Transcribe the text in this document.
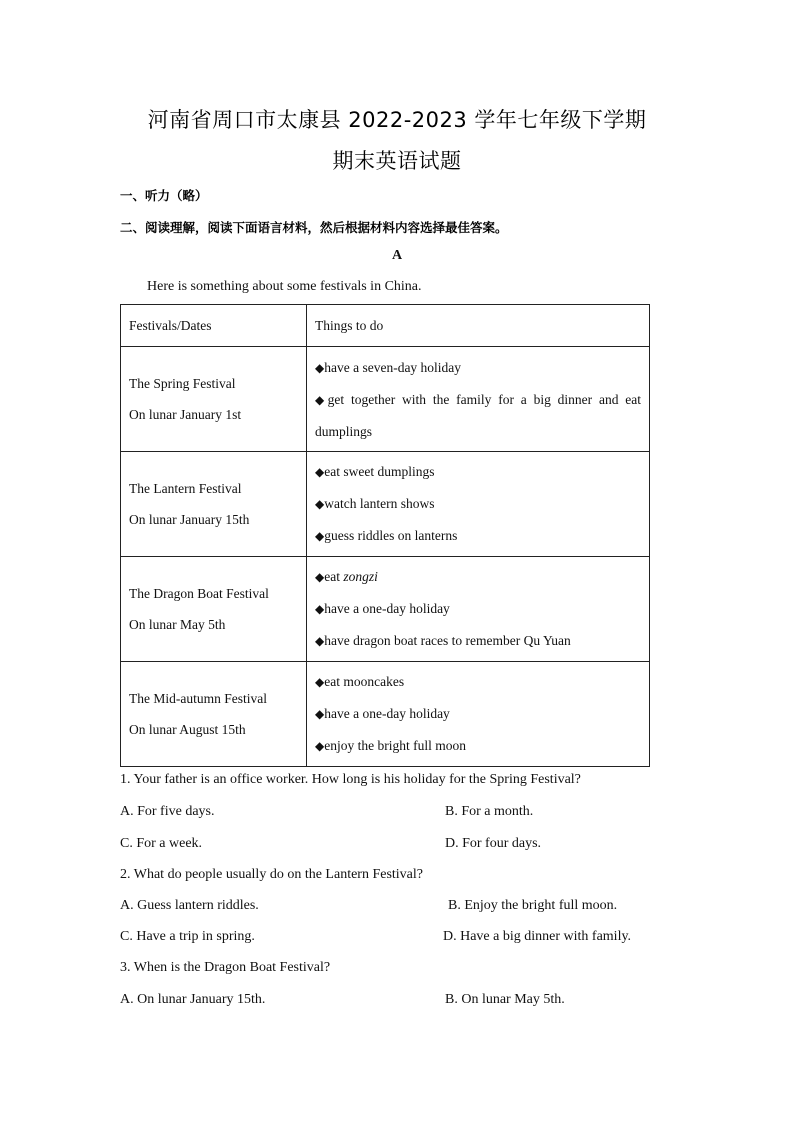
河南省周口市太康县 2022-2023 学年七年级下学期
期末英语试题
一、听力（略）
二、阅读理解，阅读下面语言材料，然后根据材料内容选择最佳答案。
A
Here is something about some festivals in China.
Festivals/Dates	Things to do

The Spring Festival
On lunar January 1st	◆have a seven-day holiday
◆get together with the family for a big dinner and eat
dumplings

The Lantern Festival
On lunar January 15th	◆eat sweet dumplings
◆watch lantern shows
◆guess riddles on lanterns

The Dragon Boat Festival
On lunar May 5th	◆eat zongzi
◆have a one-day holiday
◆have dragon boat races to remember Qu Yuan

The Mid-autumn Festival
On lunar August 15th	◆eat mooncakes
◆have a one-day holiday
◆enjoy the bright full moon
1. Your father is an office worker. How long is his holiday for the Spring Festival?
A. For five days.	B. For a month.
C. For a week.	D. For four days.
2. What do people usually do on the Lantern Festival?
A. Guess lantern riddles.	B. Enjoy the bright full moon.
C. Have a trip in spring.	D. Have a big dinner with family.
3. When is the Dragon Boat Festival?
A. On lunar January 15th.	B. On lunar May 5th.
